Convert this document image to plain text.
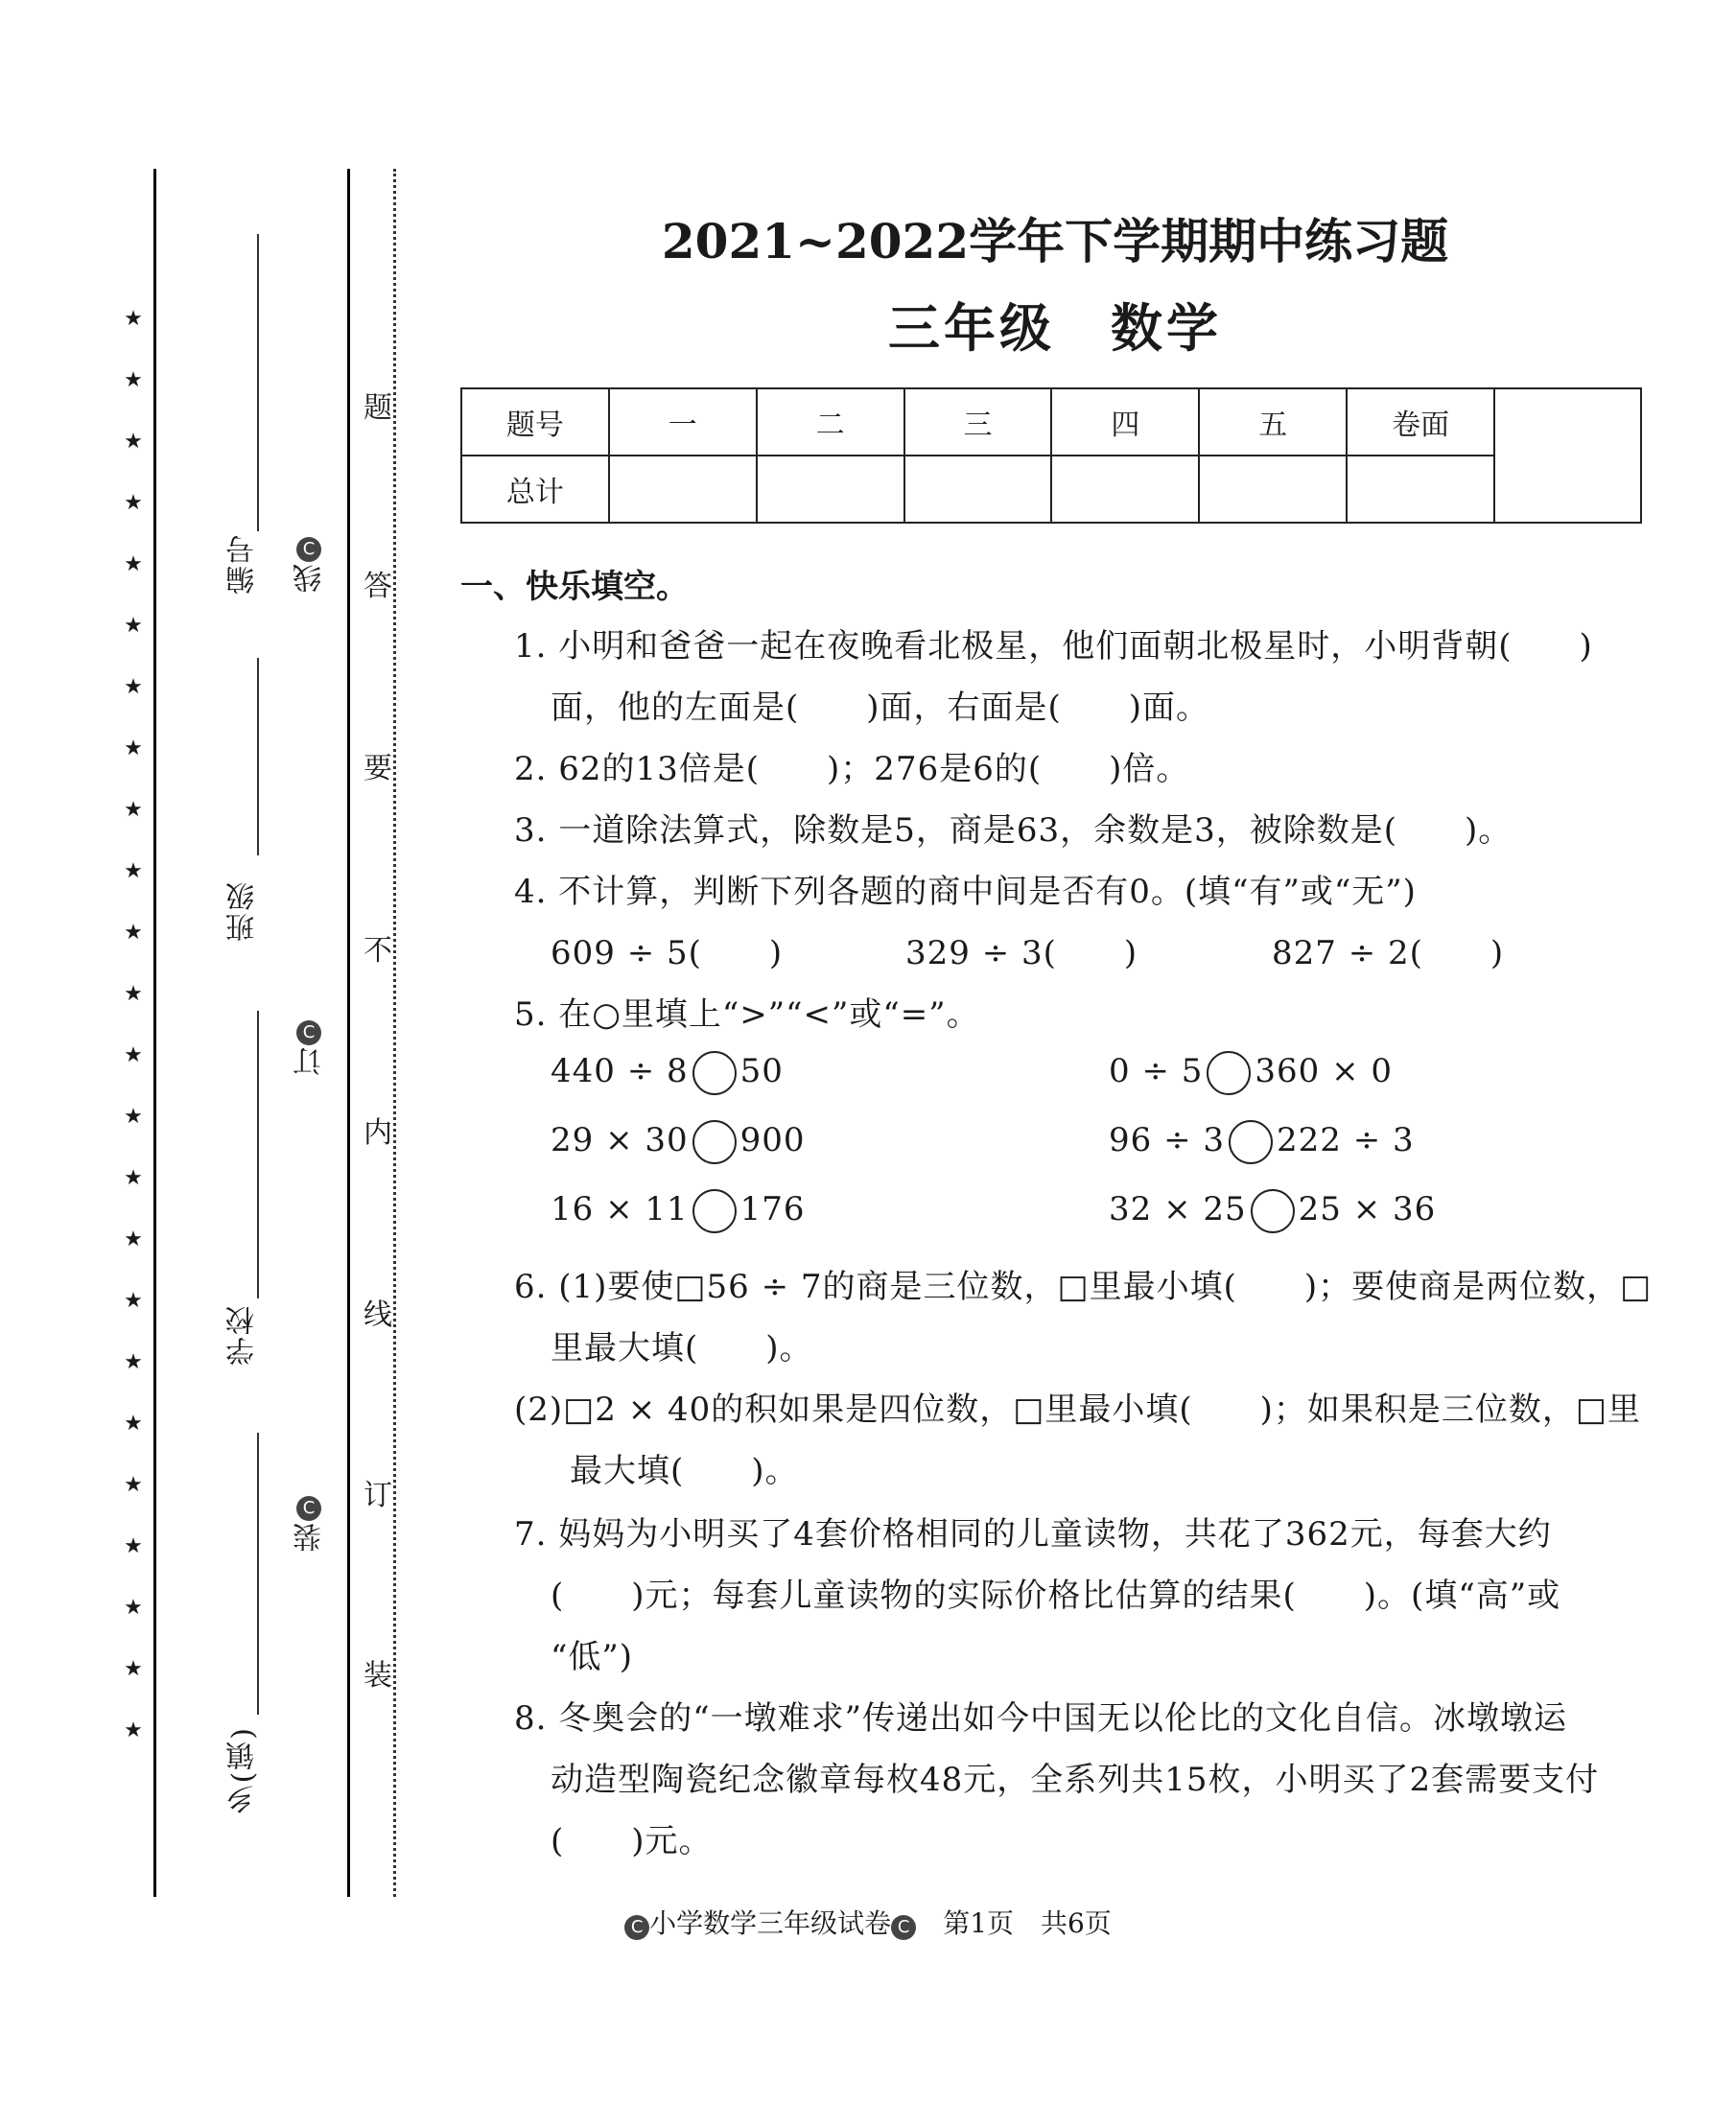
★
★
★
★
★
★
★
★
★
★
★
★
★
★
★
★
★
★
★
★
★
★
★
★
编号
班级
学校
乡(镇)
C
线
C
订
C
装
题
答
要
不
内
线
订
装
2021~2022学年下学期期中练习题
三年级　数学
题号	一	二	三	四	五	卷面	
总计							
一、快乐填空。
1. 小明和爸爸一起在夜晚看北极星，他们面朝北极星时，小明背朝(　　)
面，他的左面是(　　)面，右面是(　　)面。
2. 62的13倍是(　　)；276是6的(　　)倍。
3. 一道除法算式，除数是5，商是63，余数是3，被除数是(　　)。
4. 不计算，判断下列各题的商中间是否有0。(填“有”或“无”)
609 ÷ 5(　　)	329 ÷ 3(　　)	827 ÷ 2(　　)
5. 在○里填上“>”“<”或“=”。
440 ÷ 8 50	0 ÷ 5 360 × 0
29 × 30 900	96 ÷ 3 222 ÷ 3
16 × 11 176	32 × 25 25 × 36
6. (1)要使□56 ÷ 7的商是三位数，□里最小填(　　)；要使商是两位数，□
里最大填(　　)。
(2)□2 × 40的积如果是四位数，□里最小填(　　)；如果积是三位数，□里
最大填(　　)。
7. 妈妈为小明买了4套价格相同的儿童读物，共花了362元，每套大约
(　　)元；每套儿童读物的实际价格比估算的结果(　　)。(填“高”或
“低”)
8. 冬奥会的“一墩难求”传递出如今中国无以伦比的文化自信。冰墩墩运
动造型陶瓷纪念徽章每枚48元，全系列共15枚，小明买了2套需要支付
(　　)元。
C 小学数学三年级试卷 C　 第1页　共6页
